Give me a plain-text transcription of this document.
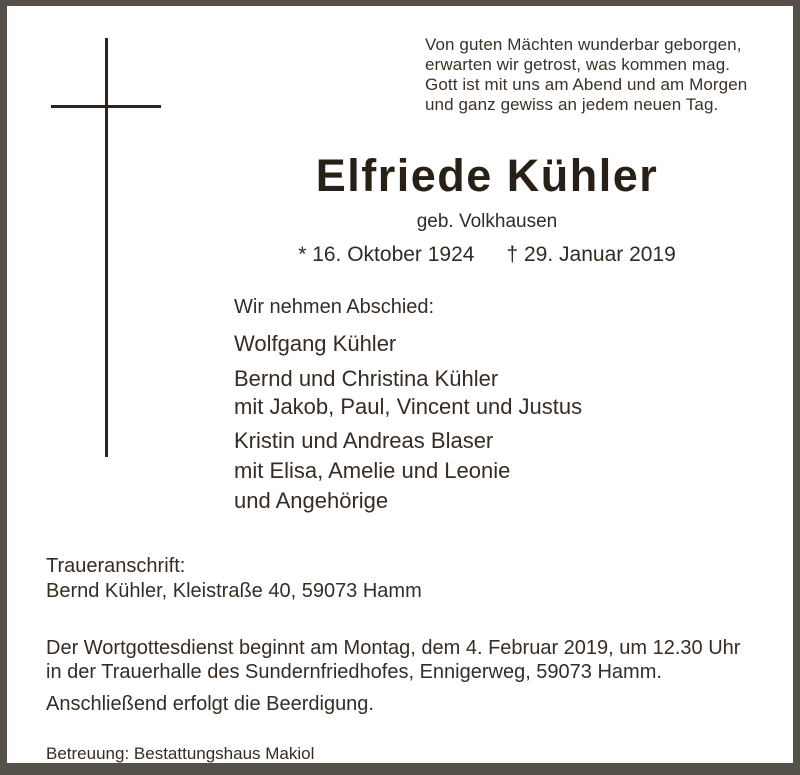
Von guten Mächten wunderbar geborgen,
erwarten wir getrost, was kommen mag.
Gott ist mit uns am Abend und am Morgen
und ganz gewiss an jedem neuen Tag.
Elfriede Kühler
geb. Volkhausen
* 16. Oktober 1924 † 29. Januar 2019
Wir nehmen Abschied:
Wolfgang Kühler
Bernd und Christina Kühler
mit Jakob, Paul, Vincent und Justus
Kristin und Andreas Blaser
mit Elisa, Amelie und Leonie
und Angehörige
Traueranschrift:
Bernd Kühler, Kleistraße 40, 59073 Hamm
Der Wortgottesdienst beginnt am Montag, dem 4. Februar 2019, um 12.30 Uhr
in der Trauerhalle des Sundernfriedhofes, Ennigerweg, 59073 Hamm.
Anschließend erfolgt die Beerdigung.
Betreuung: Bestattungshaus Makiol
